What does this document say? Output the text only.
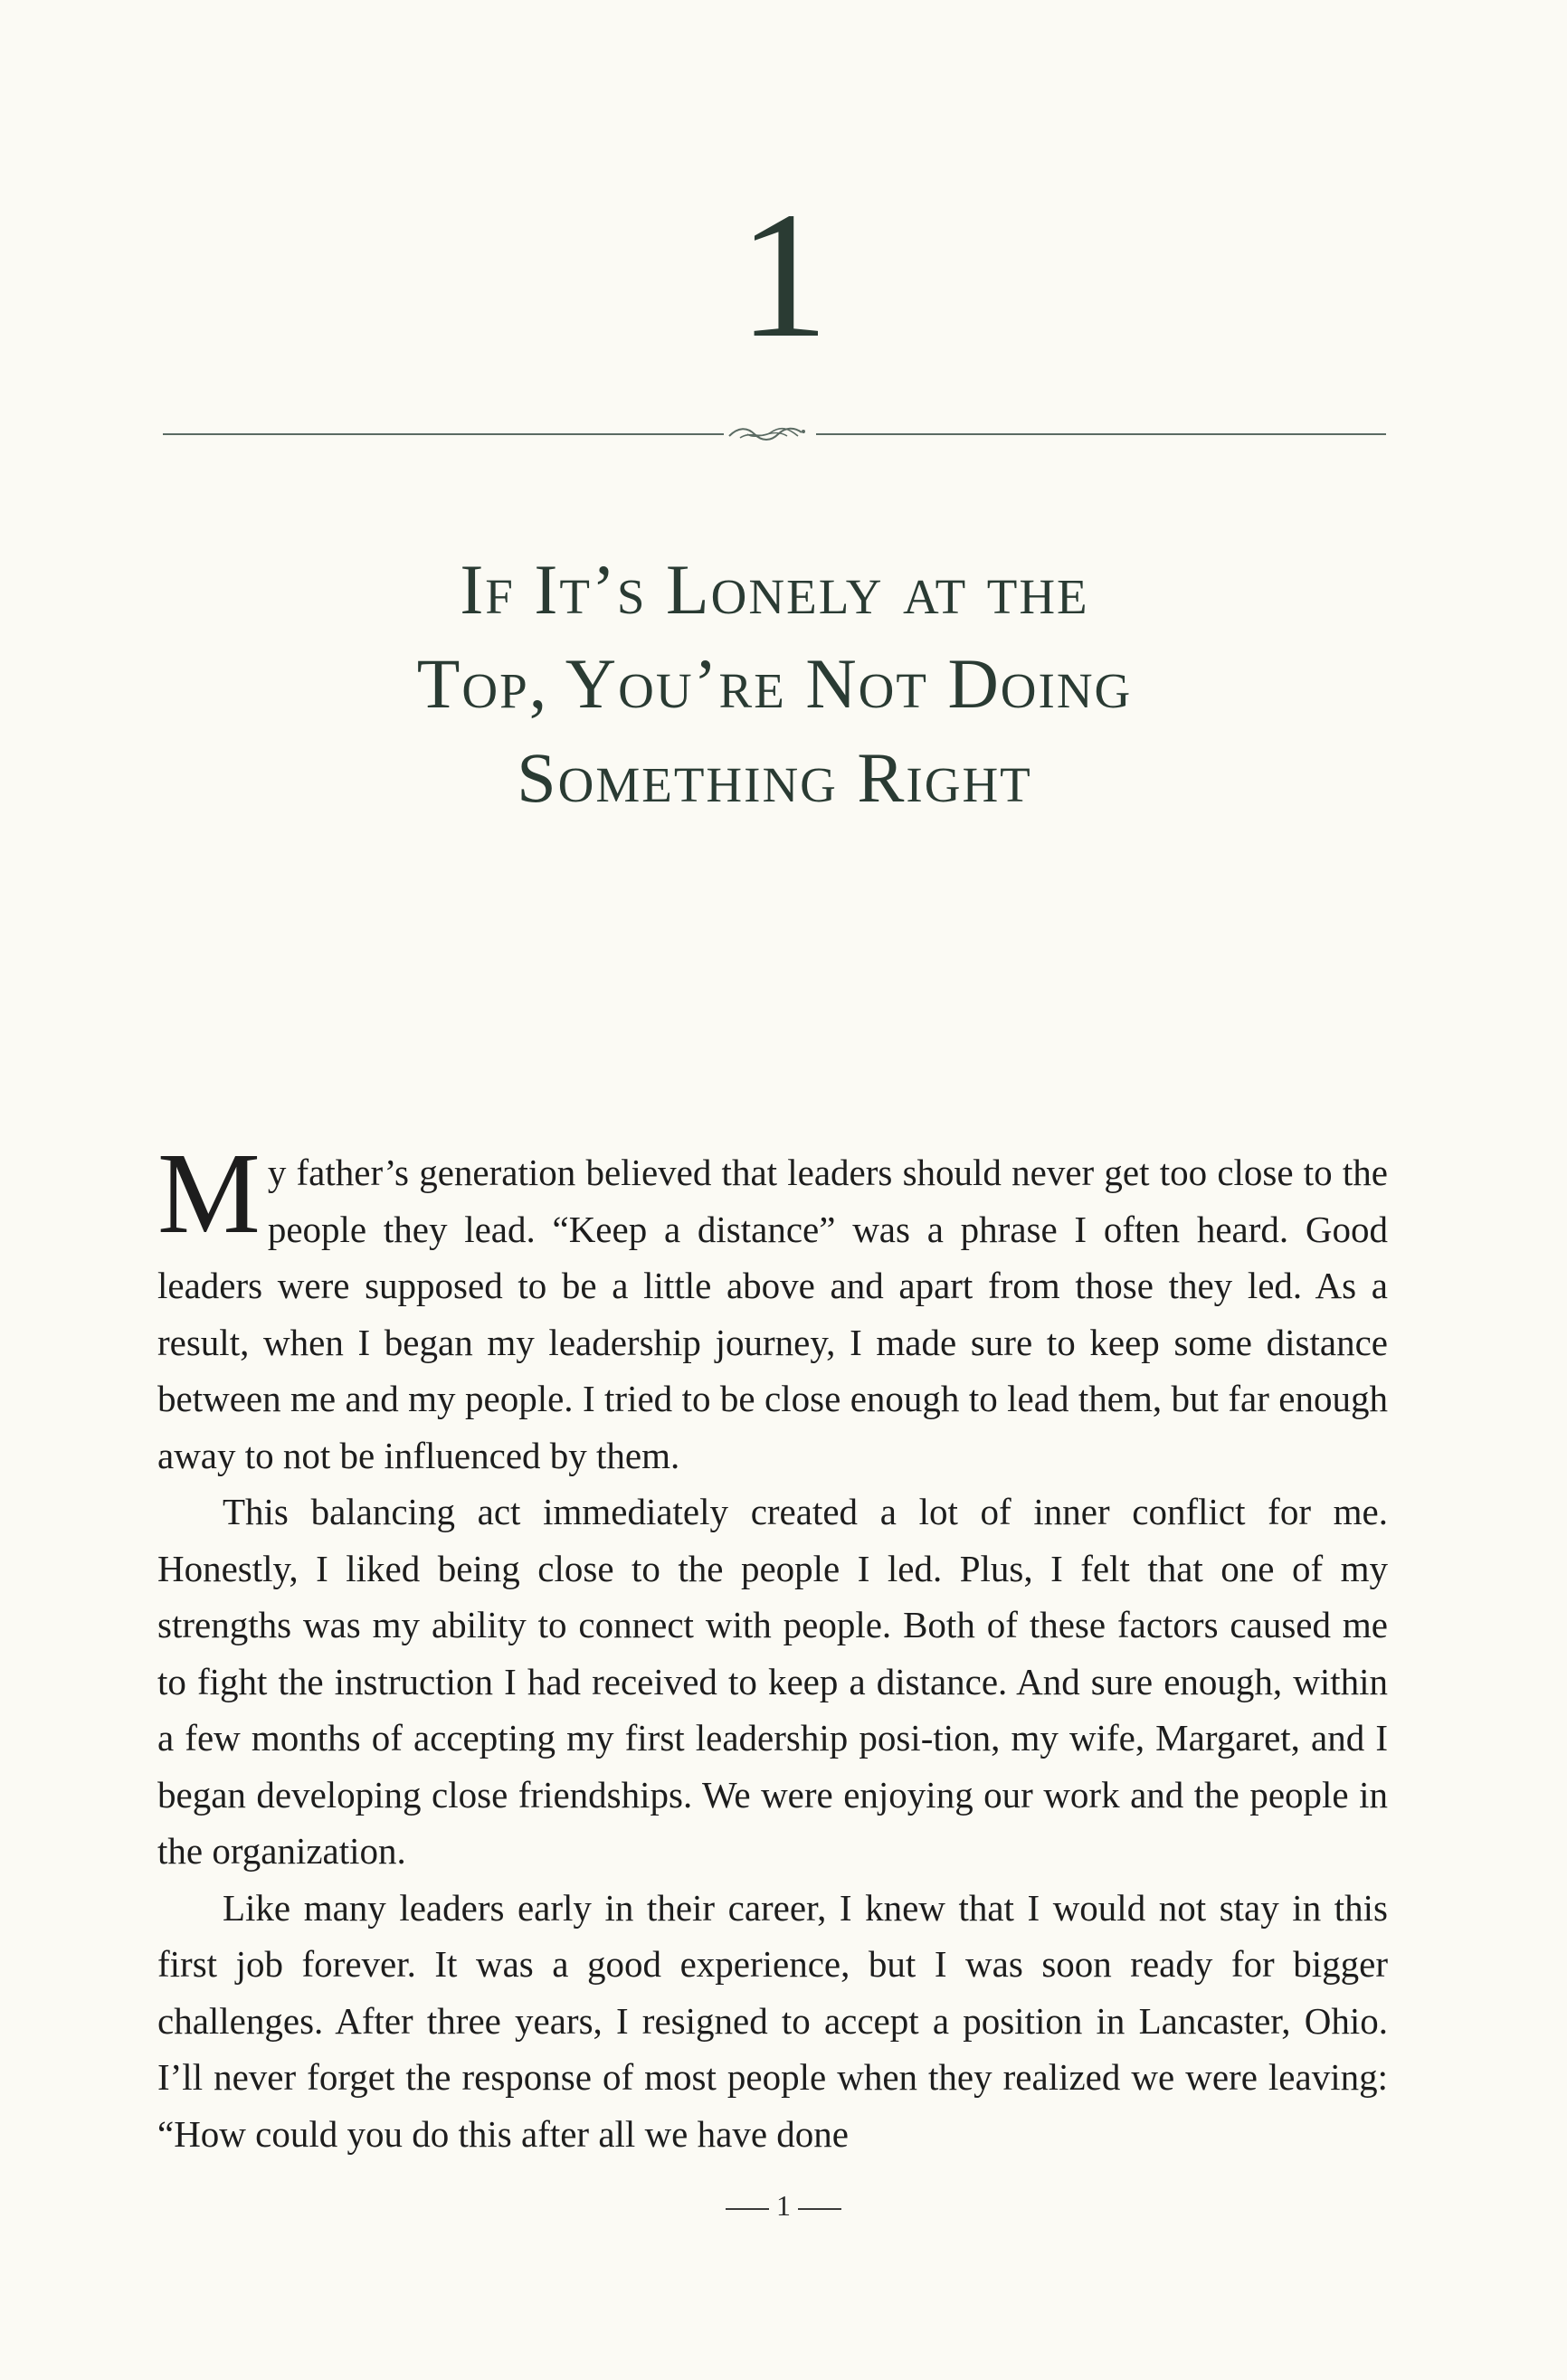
1
If It’s Lonely at the
Top, You’re Not Doing
Something Right

My father’s generation believed that leaders should never get too close to the people they lead. “Keep a distance” was a phrase I often heard. Good leaders were supposed to be a little above and apart from those they led. As a result, when I began my leadership journey, I made sure to keep some distance between me and my people. I tried to be close enough to lead them, but far enough away to not be influenced by them.

This balancing act immediately created a lot of inner conflict for me. Honestly, I liked being close to the people I led. Plus, I felt that one of my strengths was my ability to connect with people. Both of these factors caused me to fight the instruction I had received to keep a distance. And sure enough, within a few months of accepting my first leadership posi-tion, my wife, Margaret, and I began developing close friendships. We were enjoying our work and the people in the organization.

Like many leaders early in their career, I knew that I would not stay in this first job forever. It was a good experience, but I was soon ready for bigger challenges. After three years, I resigned to accept a position in Lancaster, Ohio. I’ll never forget the response of most people when they realized we were leaving: “How could you do this after all we have done

1
